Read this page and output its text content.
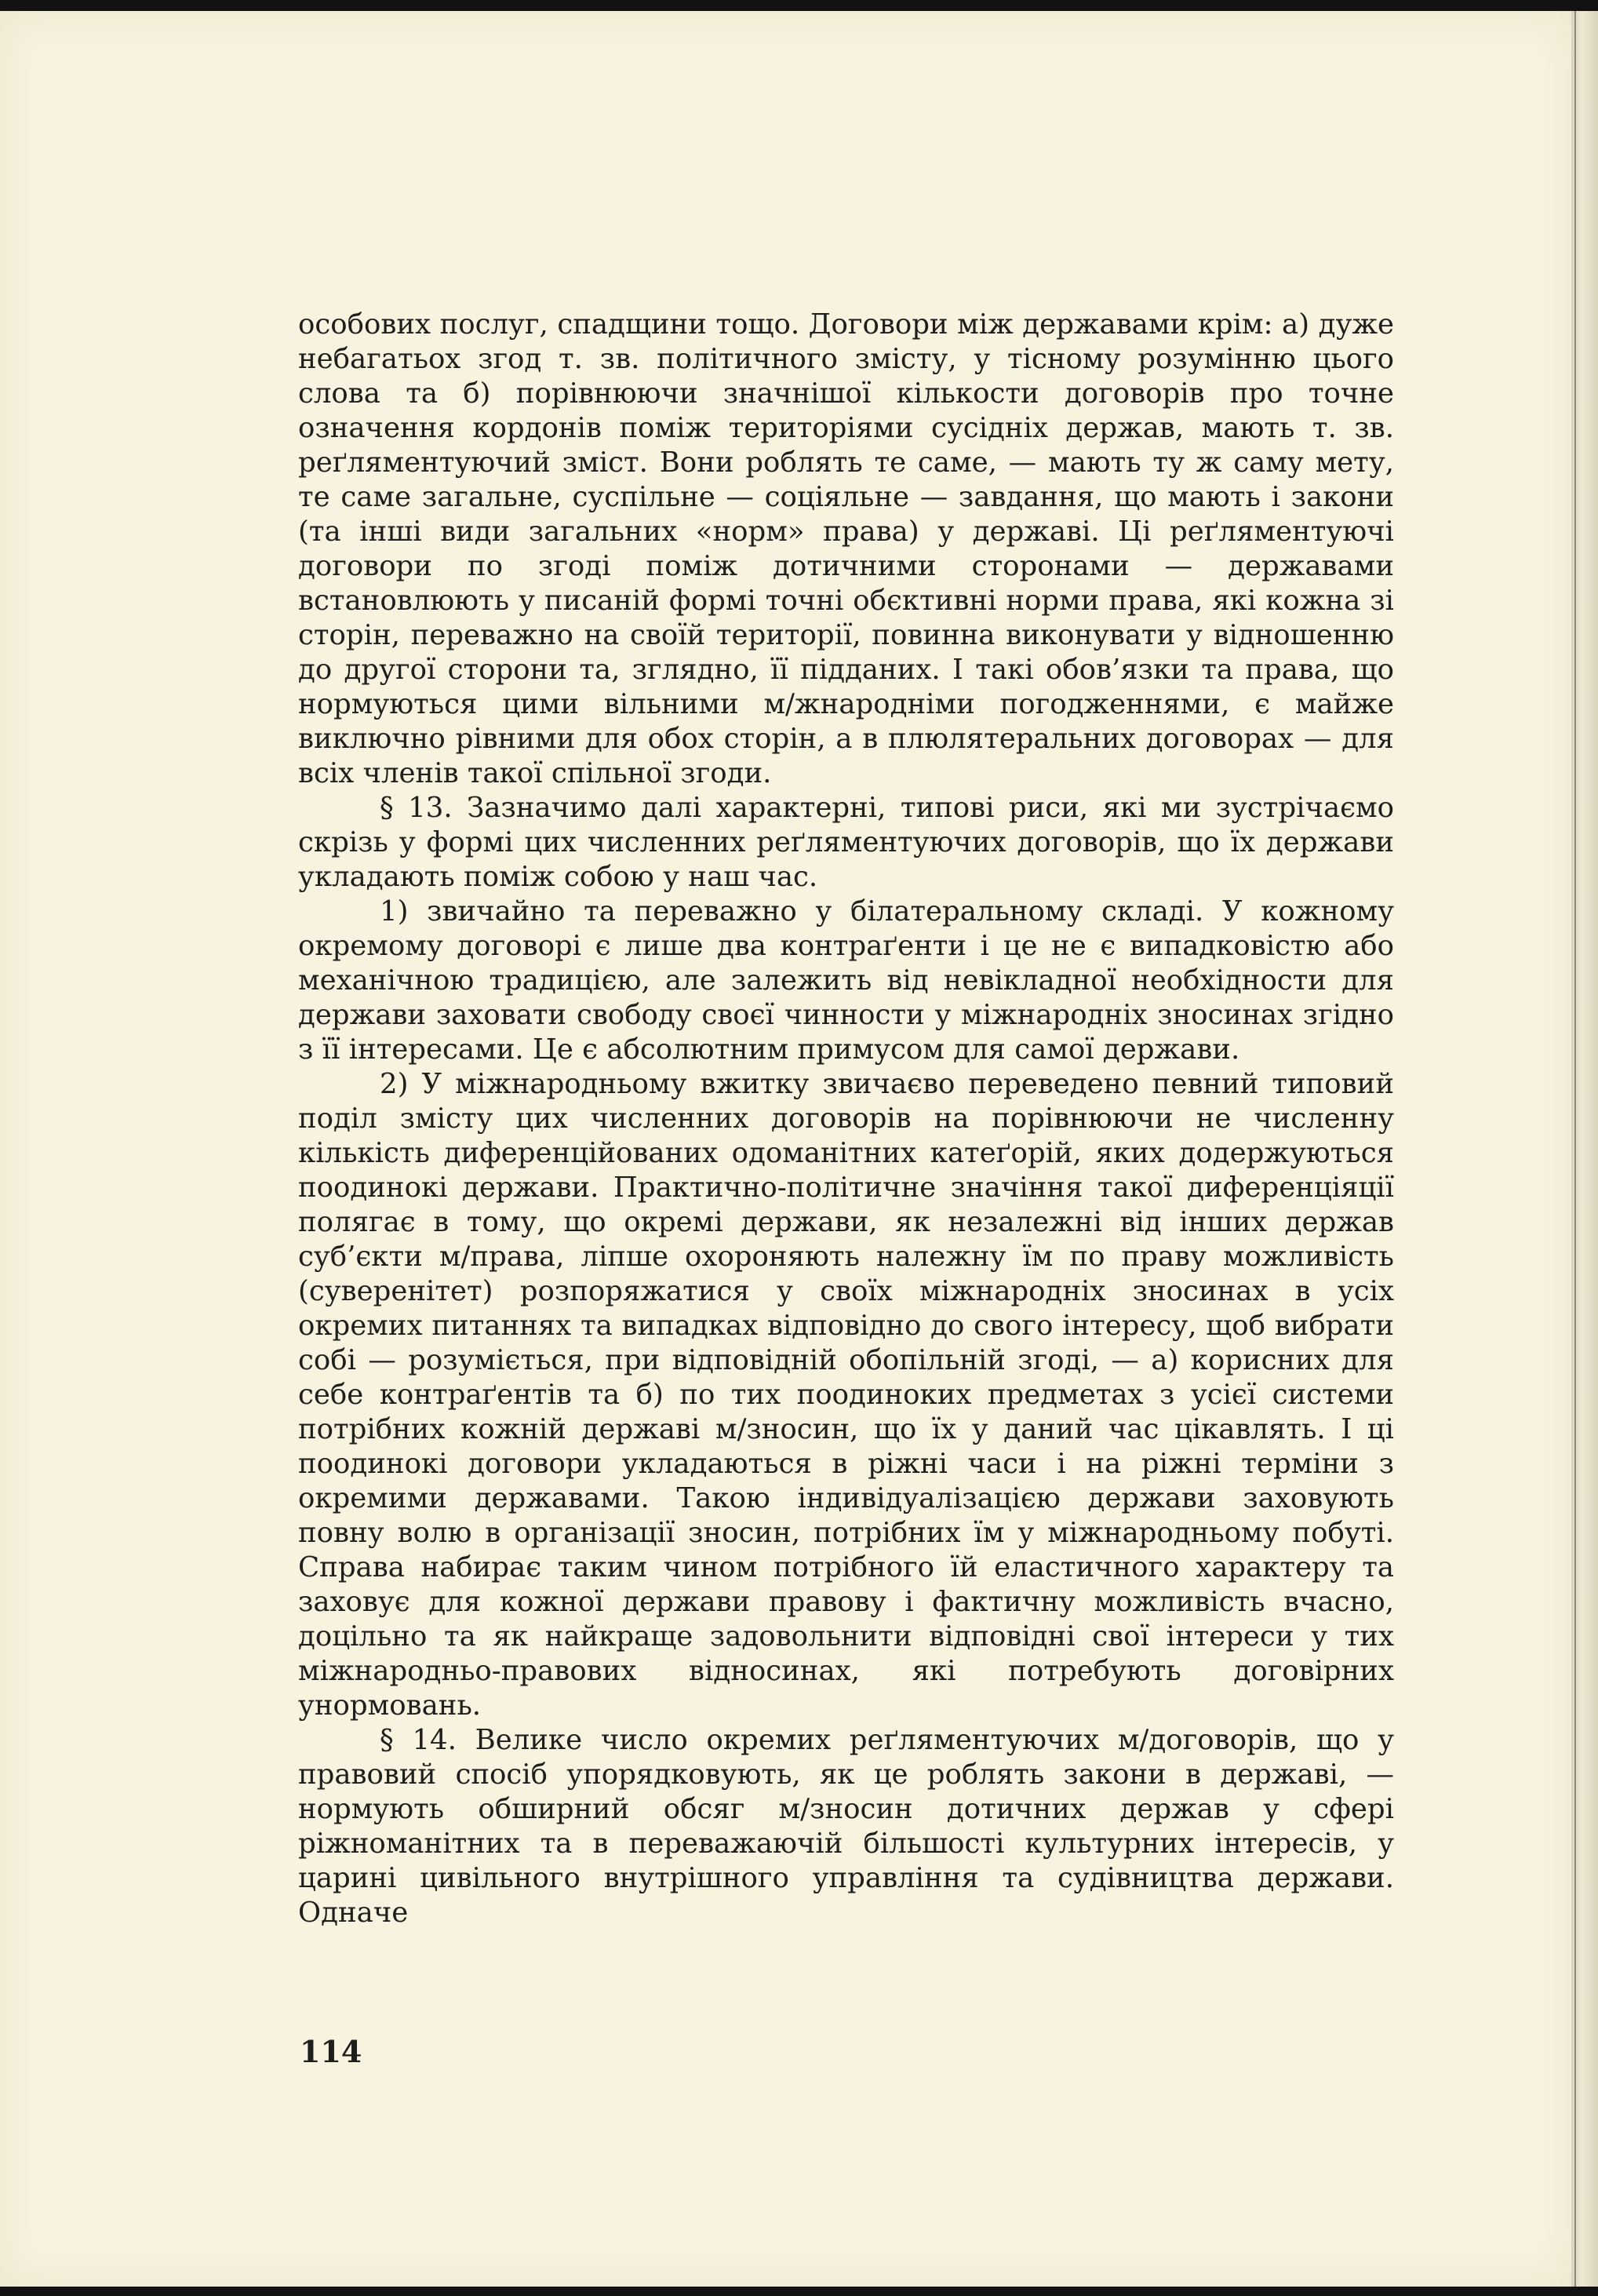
особових послуг, спадщини тощо. Договори між державами крім: а) дуже небагатьох згод т. зв. політичного змісту, у тісному розумінню цього слова та б) порівнюючи значнішої кількости договорів про точне означення кордонів поміж територіями сусідніх держав, мають т. зв. реґляментуючий зміст. Вони роблять те саме, — мають ту ж саму мету, те саме загальне, суспільне — соціяльне — завдання, що мають і закони (та інші види загальних «норм» права) у державі. Ці реґляментуючі договори по згоді поміж дотичними сторонами — державами встановлюють у писаній формі точні обєктивні норми права, які кожна зі сторін, переважно на своїй території, повинна виконувати у відношенню до другої сторони та, зглядно, її підданих. І такі обов’язки та права, що нормуються цими вільними м/жнародніми погодженнями, є майже виключно рівними для обох сторін, а в плюлятеральних договорах — для всіх членів такої спільної згоди.

§ 13. Зазначимо далі характерні, типові риси, які ми зустрічаємо скрізь у формі цих численних реґляментуючих договорів, що їх держави укладають поміж собою у наш час.

1) звичайно та переважно у білатеральному складі. У кожному окремому договорі є лише два контраґенти і це не є випадковістю або механічною традицією, але залежить від невікладної необхідности для держави заховати свободу своєї чинности у міжнародніх зносинах згідно з її інтересами. Це є абсолютним примусом для самої держави.

2) У міжнародньому вжитку звичаєво переведено певний типовий поділ змісту цих численних договорів на порівнюючи не численну кількість диференційованих одоманітних катеґорій, яких додержуються поодинокі держави. Практично-політичне значіння такої диференціяції полягає в тому, що окремі держави, як незалежні від інших держав суб’єкти м/права, ліпше охороняють належну їм по праву можливість (суверенітет) розпоряжатися у своїх міжнародніх зносинах в усіх окремих питаннях та випадках відповідно до свого інтересу, щоб вибрати собі — розуміється, при відповідній обопільній згоді, — а) корисних для себе контраґентів та б) по тих поодиноких предметах з усієї системи потрібних кожній державі м/зносин, що їх у даний час цікавлять. І ці поодинокі договори укладаються в ріжні часи і на ріжні терміни з окремими державами. Такою індивідуалізацією держави заховують повну волю в організації зносин, потрібних їм у міжнародньому побуті. Справа набирає таким чином потрібного їй еластичного характеру та заховує для кожної держави правову і фактичну можливість вчасно, доцільно та як найкраще задовольнити відповідні свої інтереси у тих міжнародньо-правових відносинах, які потребують договірних унормовань.

§ 14. Велике число окремих реґляментуючих м/договорів, що у правовий спосіб упорядковують, як це роблять закони в державі, — нормують обширний обсяг м/зносин дотичних держав у сфері ріжноманітних та в переважаючій більшості культурних інтересів, у царині цивільного внутрішного управління та судівництва держави. Одначе

114
